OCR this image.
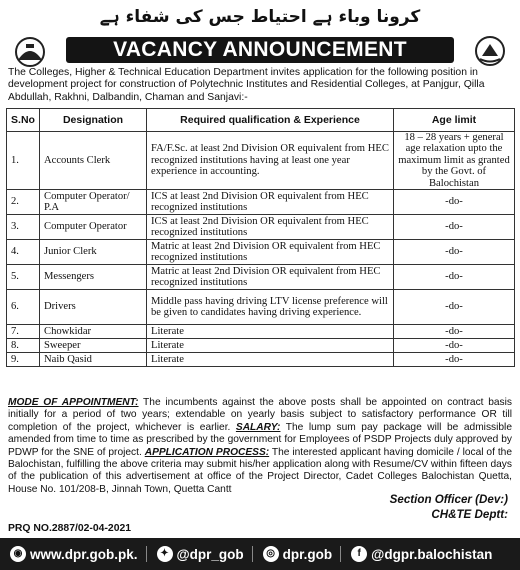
کرونا وباء ہے احتیاط جس کی شفاء ہے
VACANCY ANNOUNCEMENT
The Colleges, Higher & Technical Education Department invites application for the following position in development project for construction of Polytechnic Institutes and Residential Colleges, at Panjgur, Qilla Abdullah, Rakhni, Dalbandin, Chaman and Sanjavi:-
S.No	Designation	Required qualification & Experience	Age limit
1.	Accounts Clerk	FA/F.Sc. at least 2nd Division OR equivalent from HEC recognized institutions having at least one year experience in accounting.	18 – 28 years + general age relaxation upto the maximum limit as granted by the Govt. of Balochistan
2.	Computer Operator/ P.A	ICS at least 2nd Division OR equivalent from HEC recognized institutions	-do-
3.	Computer Operator	ICS at least 2nd Division OR equivalent from HEC recognized institutions	-do-
4.	Junior Clerk	Matric at least 2nd Division OR equivalent from HEC recognized institutions	-do-
5.	Messengers	Matric at least 2nd Division OR equivalent from HEC recognized institutions	-do-
6.	Drivers	Middle pass having driving LTV license preference will be given to candidates having driving experience.	-do-
7.	Chowkidar	Literate	-do-
8.	Sweeper	Literate	-do-
9.	Naib Qasid	Literate	-do-
MODE OF APPOINTMENT: The incumbents against the above posts shall be appointed on contract basis initially for a period of two years; extendable on yearly basis subject to satisfactory performance OR till completion of the project, whichever is earlier. SALARY: The lump sum pay package will be admissible amended from time to time as prescribed by the government for Employees of PSDP Projects duly approved by PDWP for the SNE of project. APPLICATION PROCESS: The interested applicant having domicile / local of the Balochistan, fulfilling the above criteria may submit his/her application along with Resume/CV within fifteen days of the publication of this advertisement at office of the Project Director, Cadet Colleges Balochistan Quetta, House No. 101/208-B, Jinnah Town, Quetta Cantt
Section Officer (Dev:)
CH&TE Deptt:
PRQ NO.2887/02-04-2021
◉ www.dpr.gob.pk.	✦ @dpr_gob	◎ dpr.gob	f @dgpr.balochistan
